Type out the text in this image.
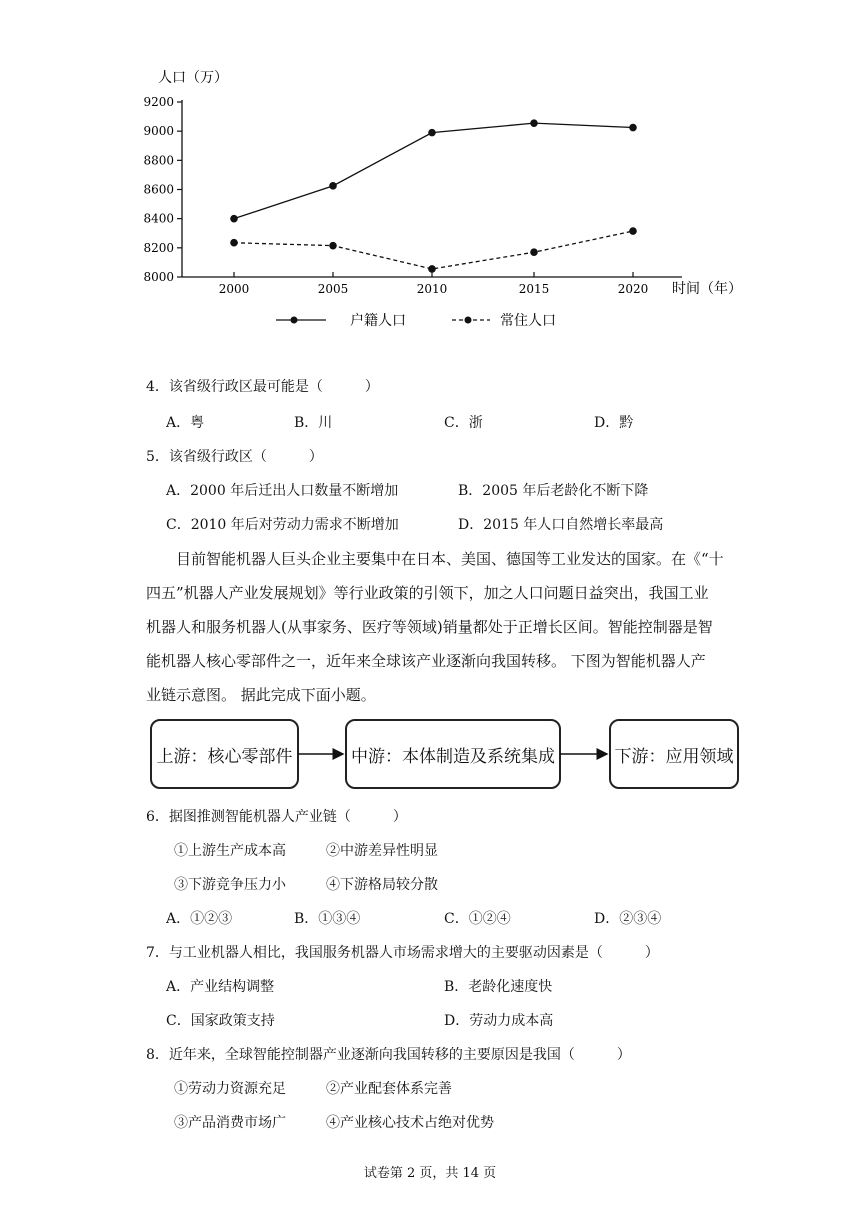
人口（万）
8000
8200
8400
8600
8800
9000
9200
2000	2005	2010	2015	2020 时间（年）
户籍人口	常住人口
4．该省级行政区最可能是（　　　）
A．粤	B．川	C．浙	D．黔
5．该省级行政区（　　　）
A．2000 年后迁出人口数量不断增加	B．2005 年后老龄化不断下降
C．2010 年后对劳动力需求不断增加	D．2015 年人口自然增长率最高
目前智能机器人巨头企业主要集中在日本、美国、德国等工业发达的国家。在《“十
四五”机器人产业发展规划》等行业政策的引领下，加之人口问题日益突出，我国工业
机器人和服务机器人(从事家务、医疗等领域)销量都处于正增长区间。智能控制器是智
能机器人核心零部件之一，近年来全球该产业逐渐向我国转移。 下图为智能机器人产
业链示意图。 据此完成下面小题。
上游：核心零部件	中游：本体制造及系统集成	下游：应用领域
6．据图推测智能机器人产业链（　　　）
①上游生产成本高	②中游差异性明显
③下游竞争压力小	④下游格局较分散
A．①②③	B．①③④	C．①②④	D．②③④
7．与工业机器人相比，我国服务机器人市场需求增大的主要驱动因素是（　　　）
A．产业结构调整	B．老龄化速度快
C．国家政策支持	D．劳动力成本高
8．近年来，全球智能控制器产业逐渐向我国转移的主要原因是我国（　　　）
①劳动力资源充足	②产业配套体系完善
③产品消费市场广	④产业核心技术占绝对优势
试卷第 2 页，共 14 页
